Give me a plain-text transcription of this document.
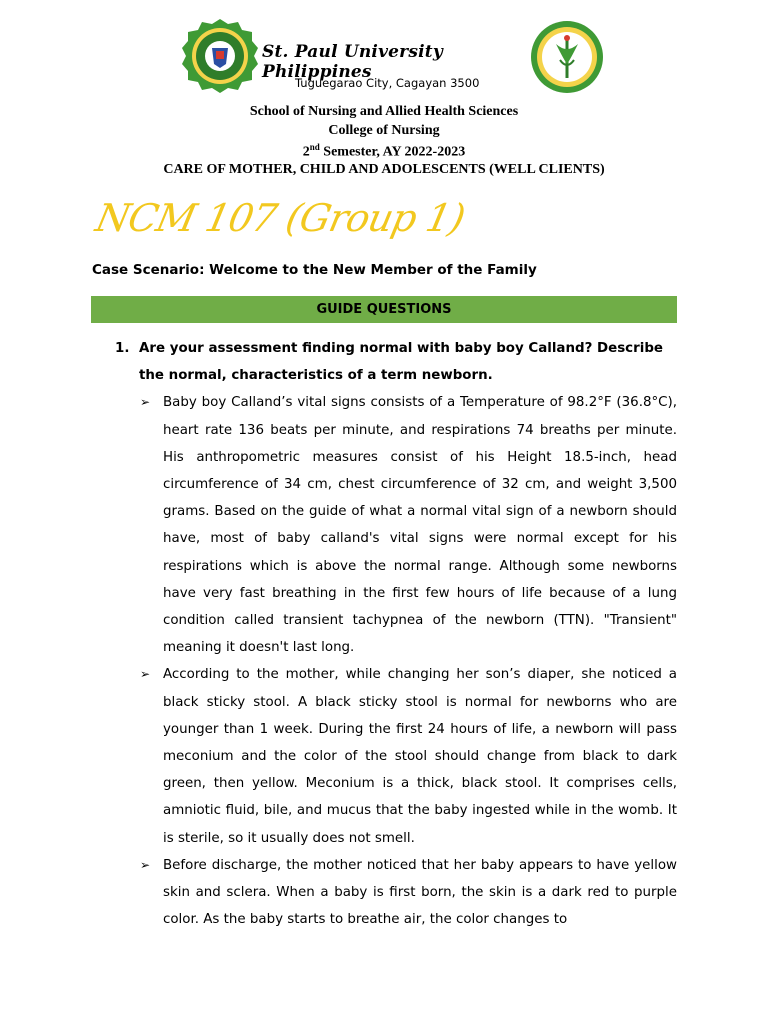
St. Paul University Philippines
Tuguegarao City, Cagayan 3500
School of Nursing and Allied Health Sciences
College of Nursing
2nd Semester, AY 2022-2023
CARE OF MOTHER, CHILD AND ADOLESCENTS (WELL CLIENTS)
NCM 107 (Group 1)
Case Scenario: Welcome to the New Member of the Family
GUIDE QUESTIONS
1. Are your assessment finding normal with baby boy Calland? Describe the normal, characteristics of a term newborn.
➢ Baby boy Calland’s vital signs consists of a Temperature of 98.2°F (36.8°C), heart rate 136 beats per minute, and respirations 74 breaths per minute. His anthropometric measures consist of his Height 18.5-inch, head circumference of 34 cm, chest circumference of 32 cm, and weight 3,500 grams. Based on the guide of what a normal vital sign of a newborn should have, most of baby calland's vital signs were normal except for his respirations which is above the normal range. Although some newborns have very fast breathing in the first few hours of life because of a lung condition called transient tachypnea of the newborn (TTN). "Transient" meaning it doesn't last long.
➢ According to the mother, while changing her son’s diaper, she noticed a black sticky stool. A black sticky stool is normal for newborns who are younger than 1 week. During the first 24 hours of life, a newborn will pass meconium and the color of the stool should change from black to dark green, then yellow. Meconium is a thick, black stool. It comprises cells, amniotic fluid, bile, and mucus that the baby ingested while in the womb. It is sterile, so it usually does not smell.
➢ Before discharge, the mother noticed that her baby appears to have yellow skin and sclera. When a baby is first born, the skin is a dark red to purple color. As the baby starts to breathe air, the color changes to
